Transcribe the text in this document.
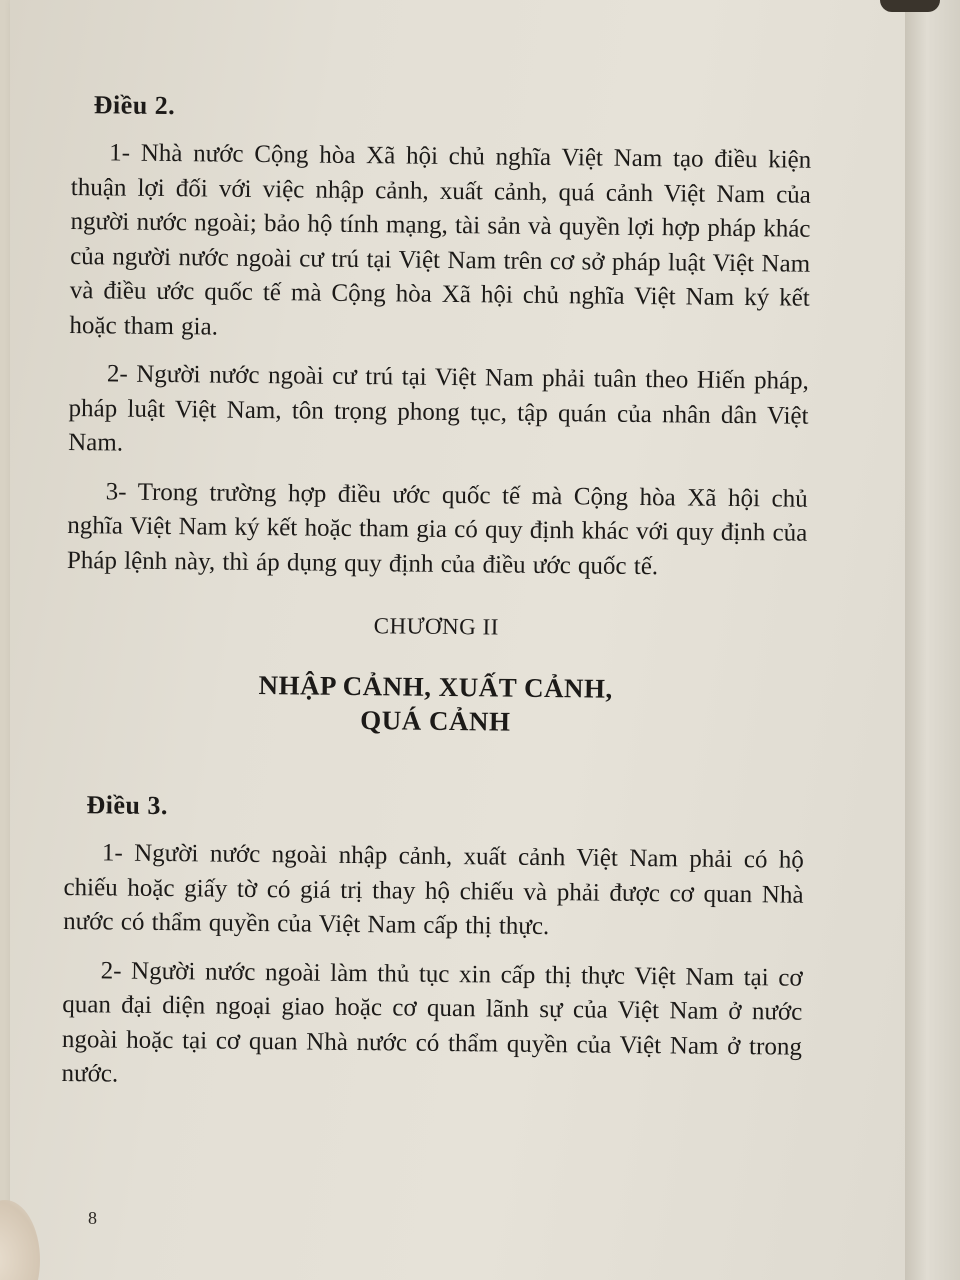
Điều 2.

1- Nhà nước Cộng hòa Xã hội chủ nghĩa Việt Nam tạo điều kiện thuận lợi đối với việc nhập cảnh, xuất cảnh, quá cảnh Việt Nam của người nước ngoài; bảo hộ tính mạng, tài sản và quyền lợi hợp pháp khác của người nước ngoài cư trú tại Việt Nam trên cơ sở pháp luật Việt Nam và điều ước quốc tế mà Cộng hòa Xã hội chủ nghĩa Việt Nam ký kết hoặc tham gia.

2- Người nước ngoài cư trú tại Việt Nam phải tuân theo Hiến pháp, pháp luật Việt Nam, tôn trọng phong tục, tập quán của nhân dân Việt Nam.

3- Trong trường hợp điều ước quốc tế mà Cộng hòa Xã hội chủ nghĩa Việt Nam ký kết hoặc tham gia có quy định khác với quy định của Pháp lệnh này, thì áp dụng quy định của điều ước quốc tế.

CHƯƠNG II
NHẬP CẢNH, XUẤT CẢNH,
QUÁ CẢNH
Điều 3.

1- Người nước ngoài nhập cảnh, xuất cảnh Việt Nam phải có hộ chiếu hoặc giấy tờ có giá trị thay hộ chiếu và phải được cơ quan Nhà nước có thẩm quyền của Việt Nam cấp thị thực.

2- Người nước ngoài làm thủ tục xin cấp thị thực Việt Nam tại cơ quan đại diện ngoại giao hoặc cơ quan lãnh sự của Việt Nam ở nước ngoài hoặc tại cơ quan Nhà nước có thẩm quyền của Việt Nam ở trong nước.

8
